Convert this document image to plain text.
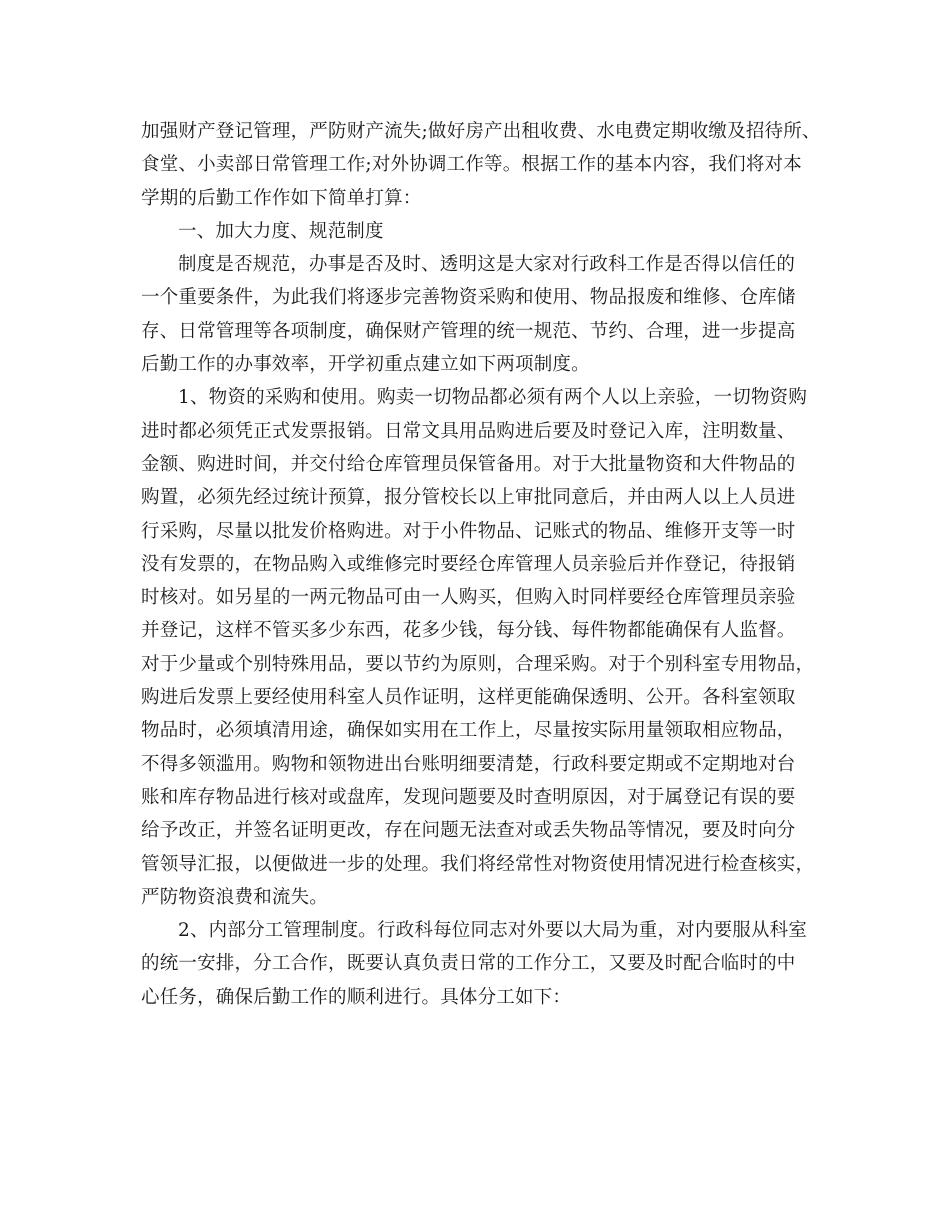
加强财产登记管理，严防财产流失;做好房产出租收费、水电费定期收缴及招待所、
食堂、小卖部日常管理工作;对外协调工作等。根据工作的基本内容，我们将对本
学期的后勤工作作如下简单打算：
一、加大力度、规范制度
制度是否规范，办事是否及时、透明这是大家对行政科工作是否得以信任的
一个重要条件，为此我们将逐步完善物资采购和使用、物品报废和维修、仓库储
存、日常管理等各项制度，确保财产管理的统一规范、节约、合理，进一步提高
后勤工作的办事效率，开学初重点建立如下两项制度。
1、物资的采购和使用。购卖一切物品都必须有两个人以上亲验，一切物资购
进时都必须凭正式发票报销。日常文具用品购进后要及时登记入库，注明数量、
金额、购进时间，并交付给仓库管理员保管备用。对于大批量物资和大件物品的
购置，必须先经过统计预算，报分管校长以上审批同意后，并由两人以上人员进
行采购，尽量以批发价格购进。对于小件物品、记账式的物品、维修开支等一时
没有发票的，在物品购入或维修完时要经仓库管理人员亲验后并作登记，待报销
时核对。如另星的一两元物品可由一人购买，但购入时同样要经仓库管理员亲验
并登记，这样不管买多少东西，花多少钱，每分钱、每件物都能确保有人监督。
对于少量或个别特殊用品，要以节约为原则，合理采购。对于个别科室专用物品，
购进后发票上要经使用科室人员作证明，这样更能确保透明、公开。各科室领取
物品时，必须填清用途，确保如实用在工作上，尽量按实际用量领取相应物品，
不得多领滥用。购物和领物进出台账明细要清楚，行政科要定期或不定期地对台
账和库存物品进行核对或盘库，发现问题要及时查明原因，对于属登记有误的要
给予改正，并签名证明更改，存在问题无法查对或丢失物品等情况，要及时向分
管领导汇报，以便做进一步的处理。我们将经常性对物资使用情况进行检查核实，
严防物资浪费和流失。
2、内部分工管理制度。行政科每位同志对外要以大局为重，对内要服从科室
的统一安排，分工合作，既要认真负责日常的工作分工，又要及时配合临时的中
心任务，确保后勤工作的顺利进行。具体分工如下：
